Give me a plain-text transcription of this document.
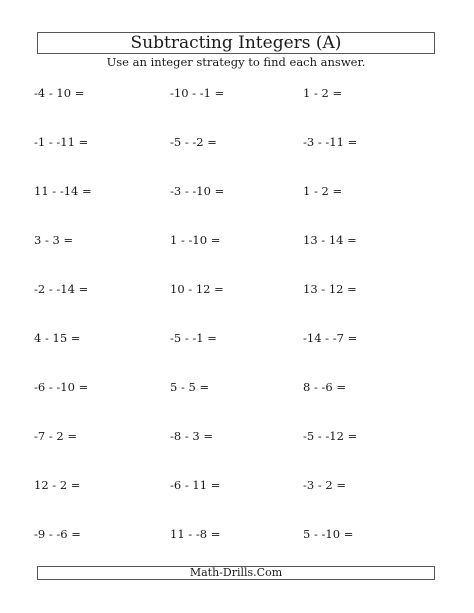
Subtracting Integers (A)
Use an integer strategy to find each answer.
-4 - 10 =	-10 - -1 =	1 - 2 =
-1 - -11 =	-5 - -2 =	-3 - -11 =
11 - -14 =	-3 - -10 =	1 - 2 =
3 - 3 =	1 - -10 =	13 - 14 =
-2 - -14 =	10 - 12 =	13 - 12 =
4 - 15 =	-5 - -1 =	-14 - -7 =
-6 - -10 =	5 - 5 =	8 - -6 =
-7 - 2 =	-8 - 3 =	-5 - -12 =
12 - 2 =	-6 - 11 =	-3 - 2 =
-9 - -6 =	11 - -8 =	5 - -10 =
Math-Drills.Com
